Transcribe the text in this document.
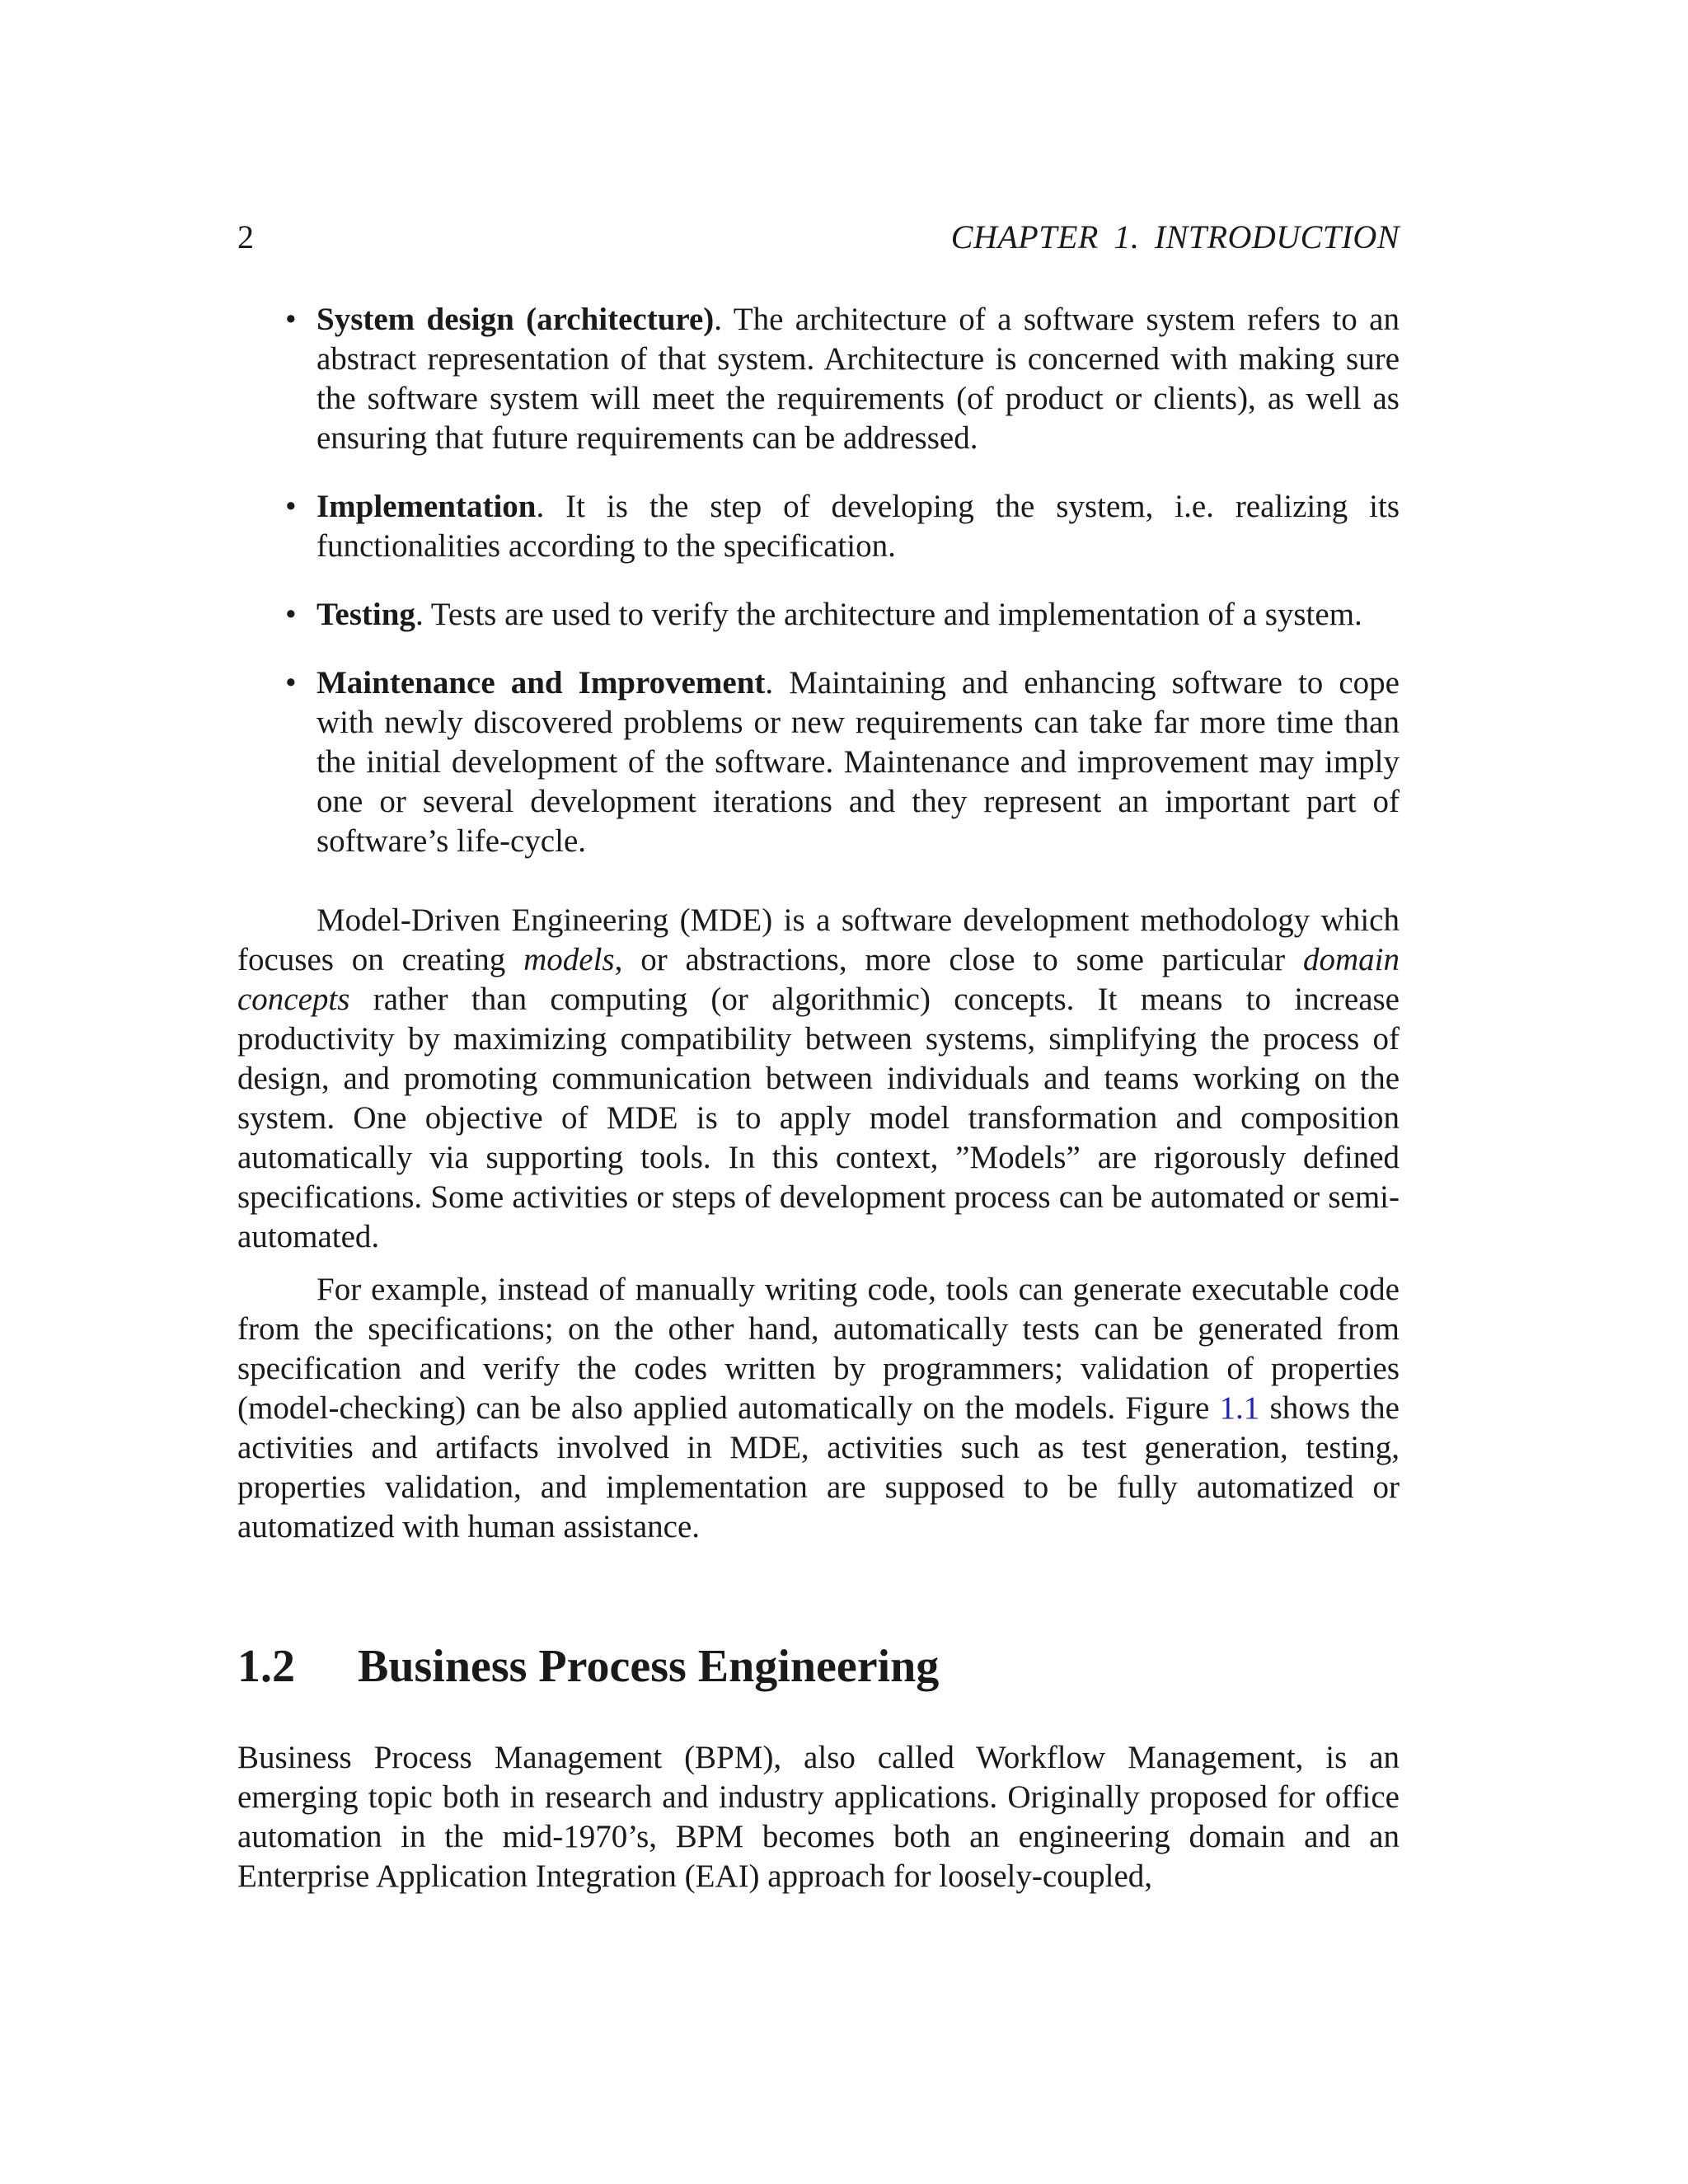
2	CHAPTER 1. INTRODUCTION
• System design (architecture). The architecture of a software system refers to an abstract representation of that system. Architecture is concerned with making sure the software system will meet the requirements (of product or clients), as well as ensuring that future requirements can be addressed.
• Implementation. It is the step of developing the system, i.e. realizing its functionalities according to the specification.
• Testing. Tests are used to verify the architecture and implementation of a system.
• Maintenance and Improvement. Maintaining and enhancing software to cope with newly discovered problems or new requirements can take far more time than the initial development of the software. Maintenance and improvement may imply one or several development iterations and they represent an important part of software’s life-cycle.

Model-Driven Engineering (MDE) is a software development methodology which focuses on creating models, or abstractions, more close to some particular domain concepts rather than computing (or algorithmic) concepts. It means to increase productivity by maximizing compatibility between systems, simplifying the process of design, and promoting communication between individuals and teams working on the system. One objective of MDE is to apply model transformation and composition automatically via supporting tools. In this context, ”Models” are rigorously defined specifications. Some activities or steps of development process can be automated or semi-automated.

For example, instead of manually writing code, tools can generate executable code from the specifications; on the other hand, automatically tests can be generated from specification and verify the codes written by programmers; validation of properties (model-checking) can be also applied automatically on the models. Figure 1.1 shows the activities and artifacts involved in MDE, activities such as test generation, testing, properties validation, and implementation are supposed to be fully automatized or automatized with human assistance.

1.2	Business Process Engineering

Business Process Management (BPM), also called Workflow Management, is an emerging topic both in research and industry applications. Originally proposed for office automation in the mid-1970’s, BPM becomes both an engineering domain and an Enterprise Application Integration (EAI) approach for loosely-coupled,
